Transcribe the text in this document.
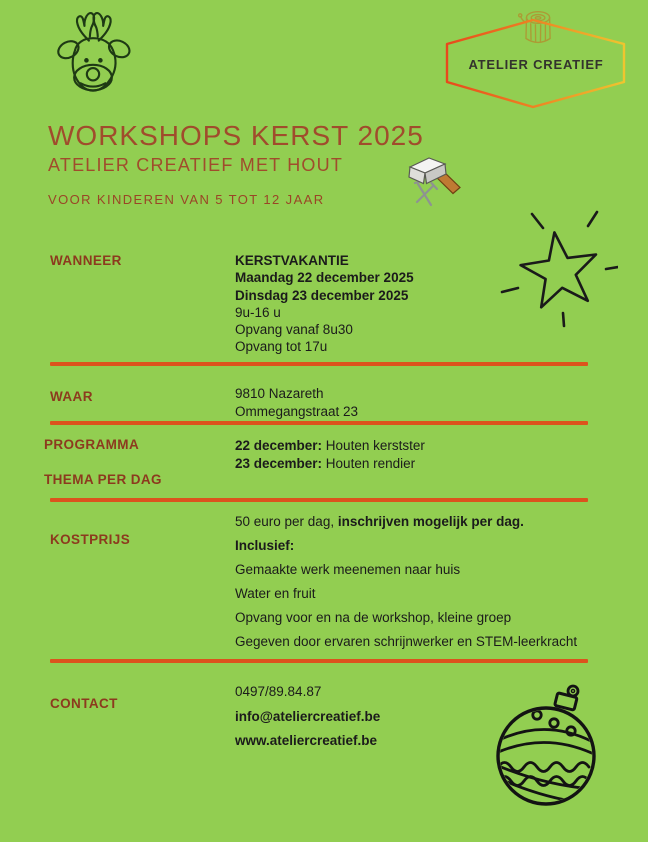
ATELIER CREATIEF
WORKSHOPS KERST 2025
ATELIER CREATIEF MET HOUT
VOOR KINDEREN VAN 5 TOT 12 JAAR
WANNEER	KERSTVAKANTIE
Maandag 22 december 2025
Dinsdag 23 december 2025
9u-16 u
Opvang vanaf 8u30
Opvang tot 17u
WAAR	9810 Nazareth
Ommegangstraat 23
PROGRAMMA
THEMA PER DAG
22 december: Houten kerstster
23 december: Houten rendier
KOSTPRIJS
50 euro per dag, inschrijven mogelijk per dag.
Inclusief:
Gemaakte werk meenemen naar huis
Water en fruit
Opvang voor en na de workshop, kleine groep
Gegeven door ervaren schrijnwerker en STEM-leerkracht
CONTACT
0497/89.84.87
info@ateliercreatief.be
www.ateliercreatief.be
